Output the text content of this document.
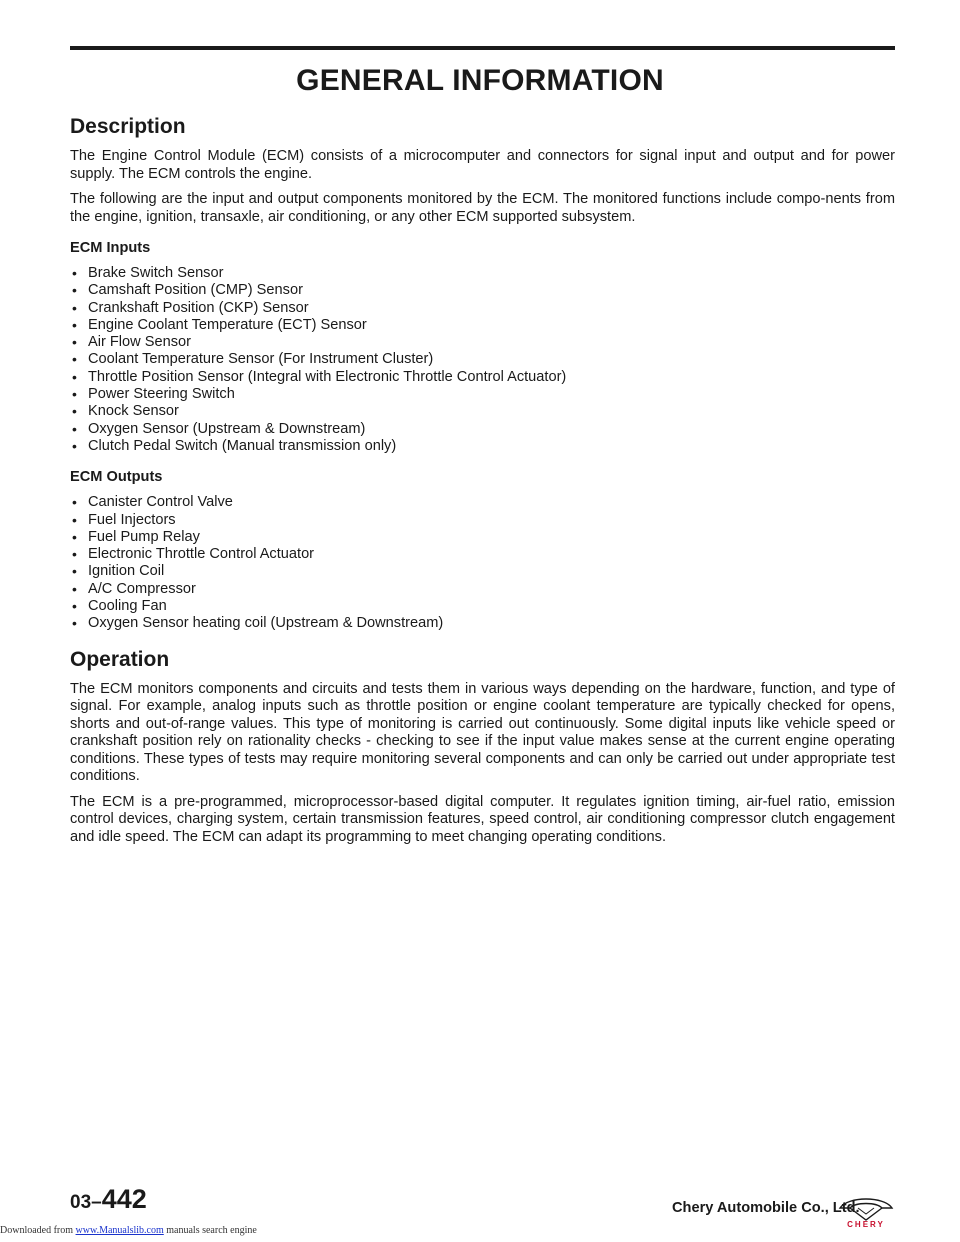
GENERAL INFORMATION
Description

The Engine Control Module (ECM) consists of a microcomputer and connectors for signal input and output and for power supply. The ECM controls the engine.

The following are the input and output components monitored by the ECM. The monitored functions include compo-nents from the engine, ignition, transaxle, air conditioning, or any other ECM supported subsystem.

ECM Inputs
• Brake Switch Sensor
• Camshaft Position (CMP) Sensor
• Crankshaft Position (CKP) Sensor
• Engine Coolant Temperature (ECT) Sensor
• Air Flow Sensor
• Coolant Temperature Sensor (For Instrument Cluster)
• Throttle Position Sensor (Integral with Electronic Throttle Control Actuator)
• Power Steering Switch
• Knock Sensor
• Oxygen Sensor (Upstream & Downstream)
• Clutch Pedal Switch (Manual transmission only)
ECM Outputs
• Canister Control Valve
• Fuel Injectors
• Fuel Pump Relay
• Electronic Throttle Control Actuator
• Ignition Coil
• A/C Compressor
• Cooling Fan
• Oxygen Sensor heating coil (Upstream & Downstream)
Operation

The ECM monitors components and circuits and tests them in various ways depending on the hardware, function, and type of signal. For example, analog inputs such as throttle position or engine coolant temperature are typically checked for opens, shorts and out-of-range values. This type of monitoring is carried out continuously. Some digital inputs like vehicle speed or crankshaft position rely on rationality checks - checking to see if the input value makes sense at the current engine operating conditions. These types of tests may require monitoring several components and can only be carried out under appropriate test conditions.

The ECM is a pre-programmed, microprocessor-based digital computer. It regulates ignition timing, air-fuel ratio, emission control devices, charging system, certain transmission features, speed control, air conditioning compressor clutch engagement and idle speed. The ECM can adapt its programming to meet changing operating conditions.

03–442	Chery Automobile Co., Ltd.
CHERY
Downloaded from www.Manualslib.com manuals search engine
